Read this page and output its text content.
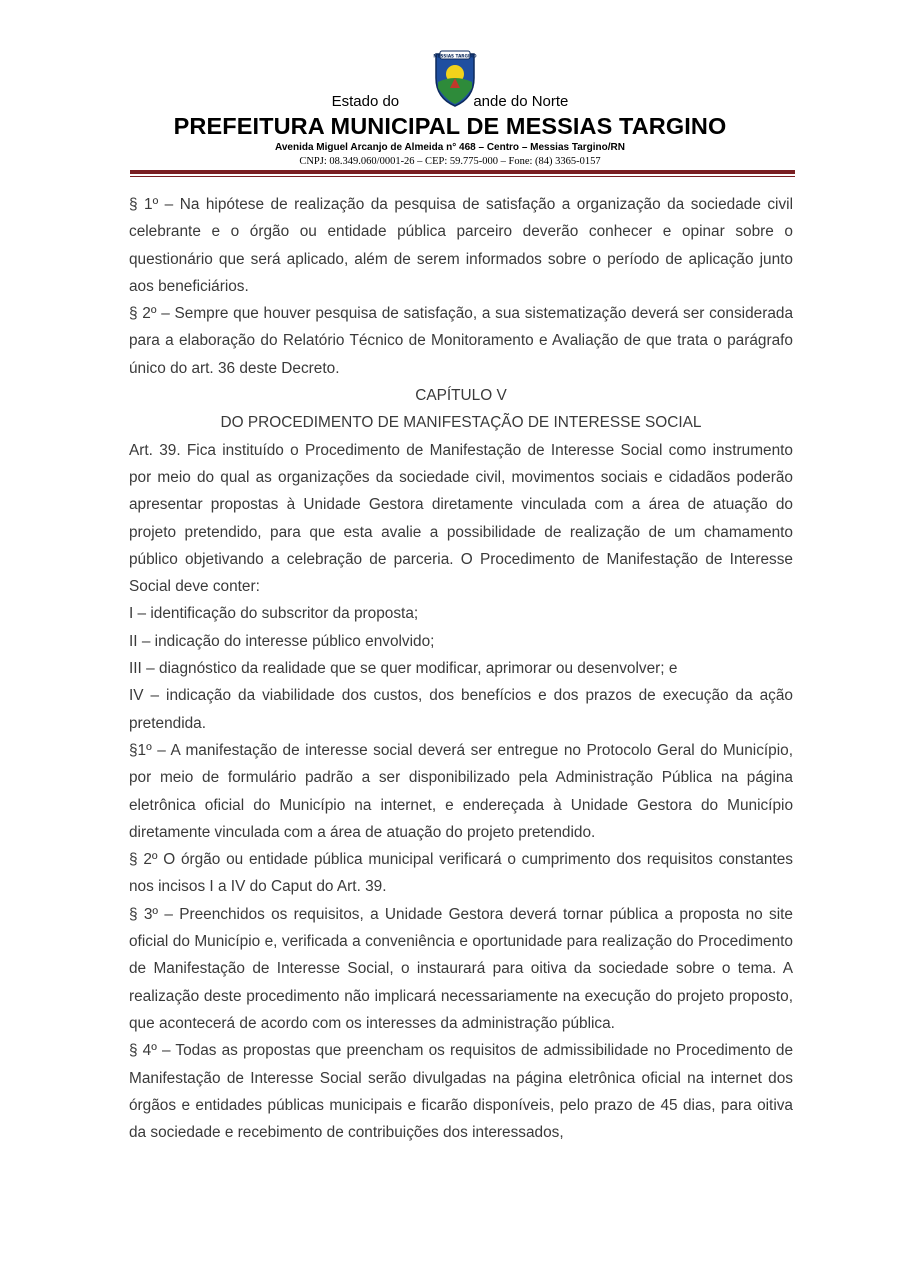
Estado do	ande do Norte
MESSIAS TARGINO
PREFEITURA MUNICIPAL DE MESSIAS TARGINO
Avenida Miguel Arcanjo de Almeida n° 468 – Centro – Messias Targino/RN
CNPJ: 08.349.060/0001-26 – CEP: 59.775-000 – Fone: (84) 3365-0157

§ 1º – Na hipótese de realização da pesquisa de satisfação a organização da sociedade civil celebrante e o órgão ou entidade pública parceiro deverão conhecer e opinar sobre o questionário que será aplicado, além de serem informados sobre o período de aplicação junto aos beneficiários.

§ 2º – Sempre que houver pesquisa de satisfação, a sua sistematização deverá ser considerada para a elaboração do Relatório Técnico de Monitoramento e Avaliação de que trata o parágrafo único do art. 36 deste Decreto.

CAPÍTULO V

DO PROCEDIMENTO DE MANIFESTAÇÃO DE INTERESSE SOCIAL

Art. 39. Fica instituído o Procedimento de Manifestação de Interesse Social como instrumento por meio do qual as organizações da sociedade civil, movimentos sociais e cidadãos poderão apresentar propostas à Unidade Gestora diretamente vinculada com a área de atuação do projeto pretendido, para que esta avalie a possibilidade de realização de um chamamento público objetivando a celebração de parceria. O Procedimento de Manifestação de Interesse Social deve conter:

I – identificação do subscritor da proposta;

II – indicação do interesse público envolvido;

III – diagnóstico da realidade que se quer modificar, aprimorar ou desenvolver; e

IV – indicação da viabilidade dos custos, dos benefícios e dos prazos de execução da ação pretendida.

§1º – A manifestação de interesse social deverá ser entregue no Protocolo Geral do Município, por meio de formulário padrão a ser disponibilizado pela Administração Pública na página eletrônica oficial do Município na internet, e endereçada à Unidade Gestora do Município diretamente vinculada com a área de atuação do projeto pretendido.

§ 2º O órgão ou entidade pública municipal verificará o cumprimento dos requisitos constantes nos incisos I a IV do Caput do Art. 39.

§ 3º – Preenchidos os requisitos, a Unidade Gestora deverá tornar pública a proposta no site oficial do Município e, verificada a conveniência e oportunidade para realização do Procedimento de Manifestação de Interesse Social, o instaurará para oitiva da sociedade sobre o tema. A realização deste procedimento não implicará necessariamente na execução do projeto proposto, que acontecerá de acordo com os interesses da administração pública.

§ 4º – Todas as propostas que preencham os requisitos de admissibilidade no Procedimento de Manifestação de Interesse Social serão divulgadas na página eletrônica oficial na internet dos órgãos e entidades públicas municipais e ficarão disponíveis, pelo prazo de 45 dias, para oitiva da sociedade e recebimento de contribuições dos interessados,
